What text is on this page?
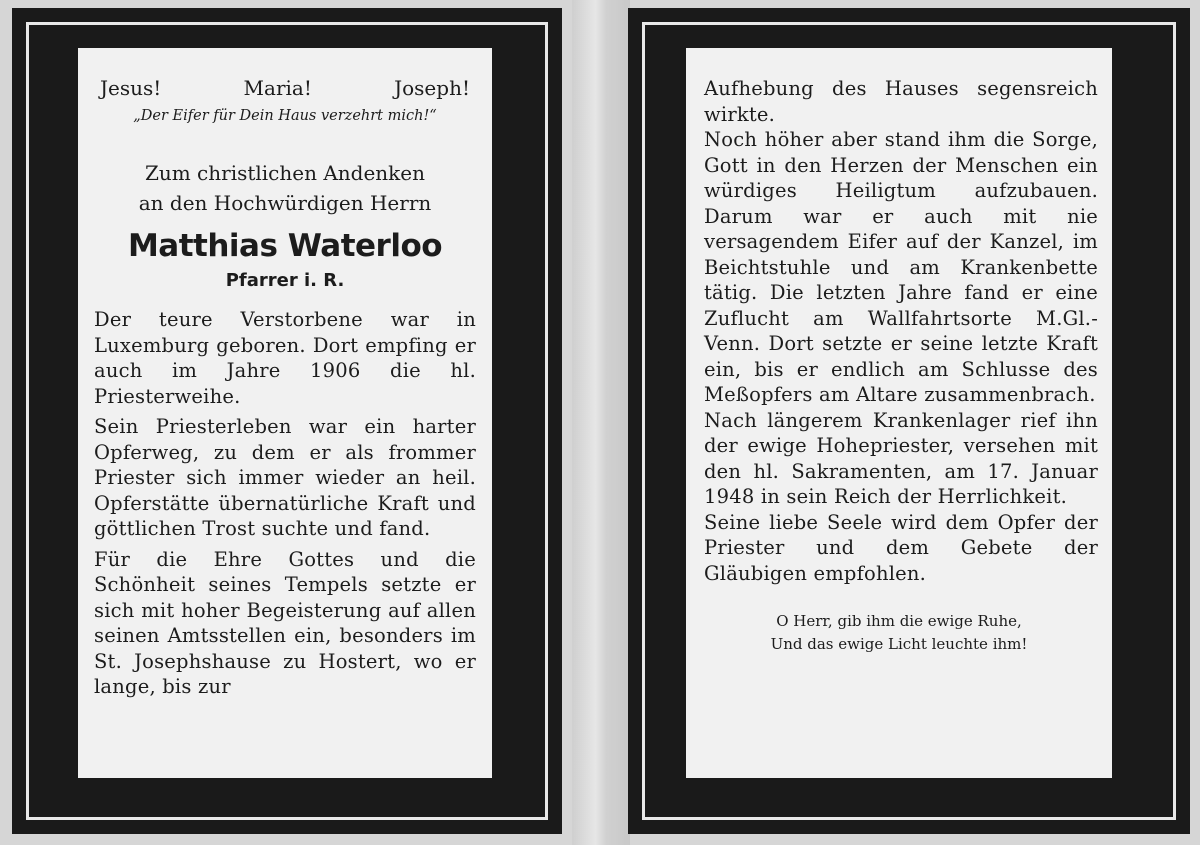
Jesus!	Maria!	Joseph!
„Der Eifer für Dein Haus verzehrt mich!“
Zum christlichen Andenken
an den Hochwürdigen Herrn
Matthias Waterloo
Pfarrer i. R.

Der teure Verstorbene war in Luxemburg geboren. Dort empfing er auch im Jahre 1906 die hl. Priesterweihe.

Sein Priesterleben war ein harter Opferweg, zu dem er als frommer Priester sich immer wieder an heil. Opferstätte übernatürliche Kraft und göttlichen Trost suchte und fand.

Für die Ehre Gottes und die Schönheit seines Tempels setzte er sich mit hoher Begeisterung auf allen seinen Amtsstellen ein, besonders im St. Josephshause zu Hostert, wo er lange, bis zur

Aufhebung des Hauses segensreich wirkte.

Noch höher aber stand ihm die Sorge, Gott in den Herzen der Menschen ein würdiges Heiligtum aufzubauen. Darum war er auch mit nie versagendem Eifer auf der Kanzel, im Beichtstuhle und am Krankenbette tätig. Die letzten Jahre fand er eine Zuflucht am Wallfahrtsorte M.Gl.-Venn. Dort setzte er seine letzte Kraft ein, bis er endlich am Schlusse des Meßopfers am Altare zusammenbrach.

Nach längerem Krankenlager rief ihn der ewige Hohepriester, versehen mit den hl. Sakramenten, am 17. Januar 1948 in sein Reich der Herrlichkeit.

Seine liebe Seele wird dem Opfer der Priester und dem Gebete der Gläubigen empfohlen.

O Herr, gib ihm die ewige Ruhe,
Und das ewige Licht leuchte ihm!
